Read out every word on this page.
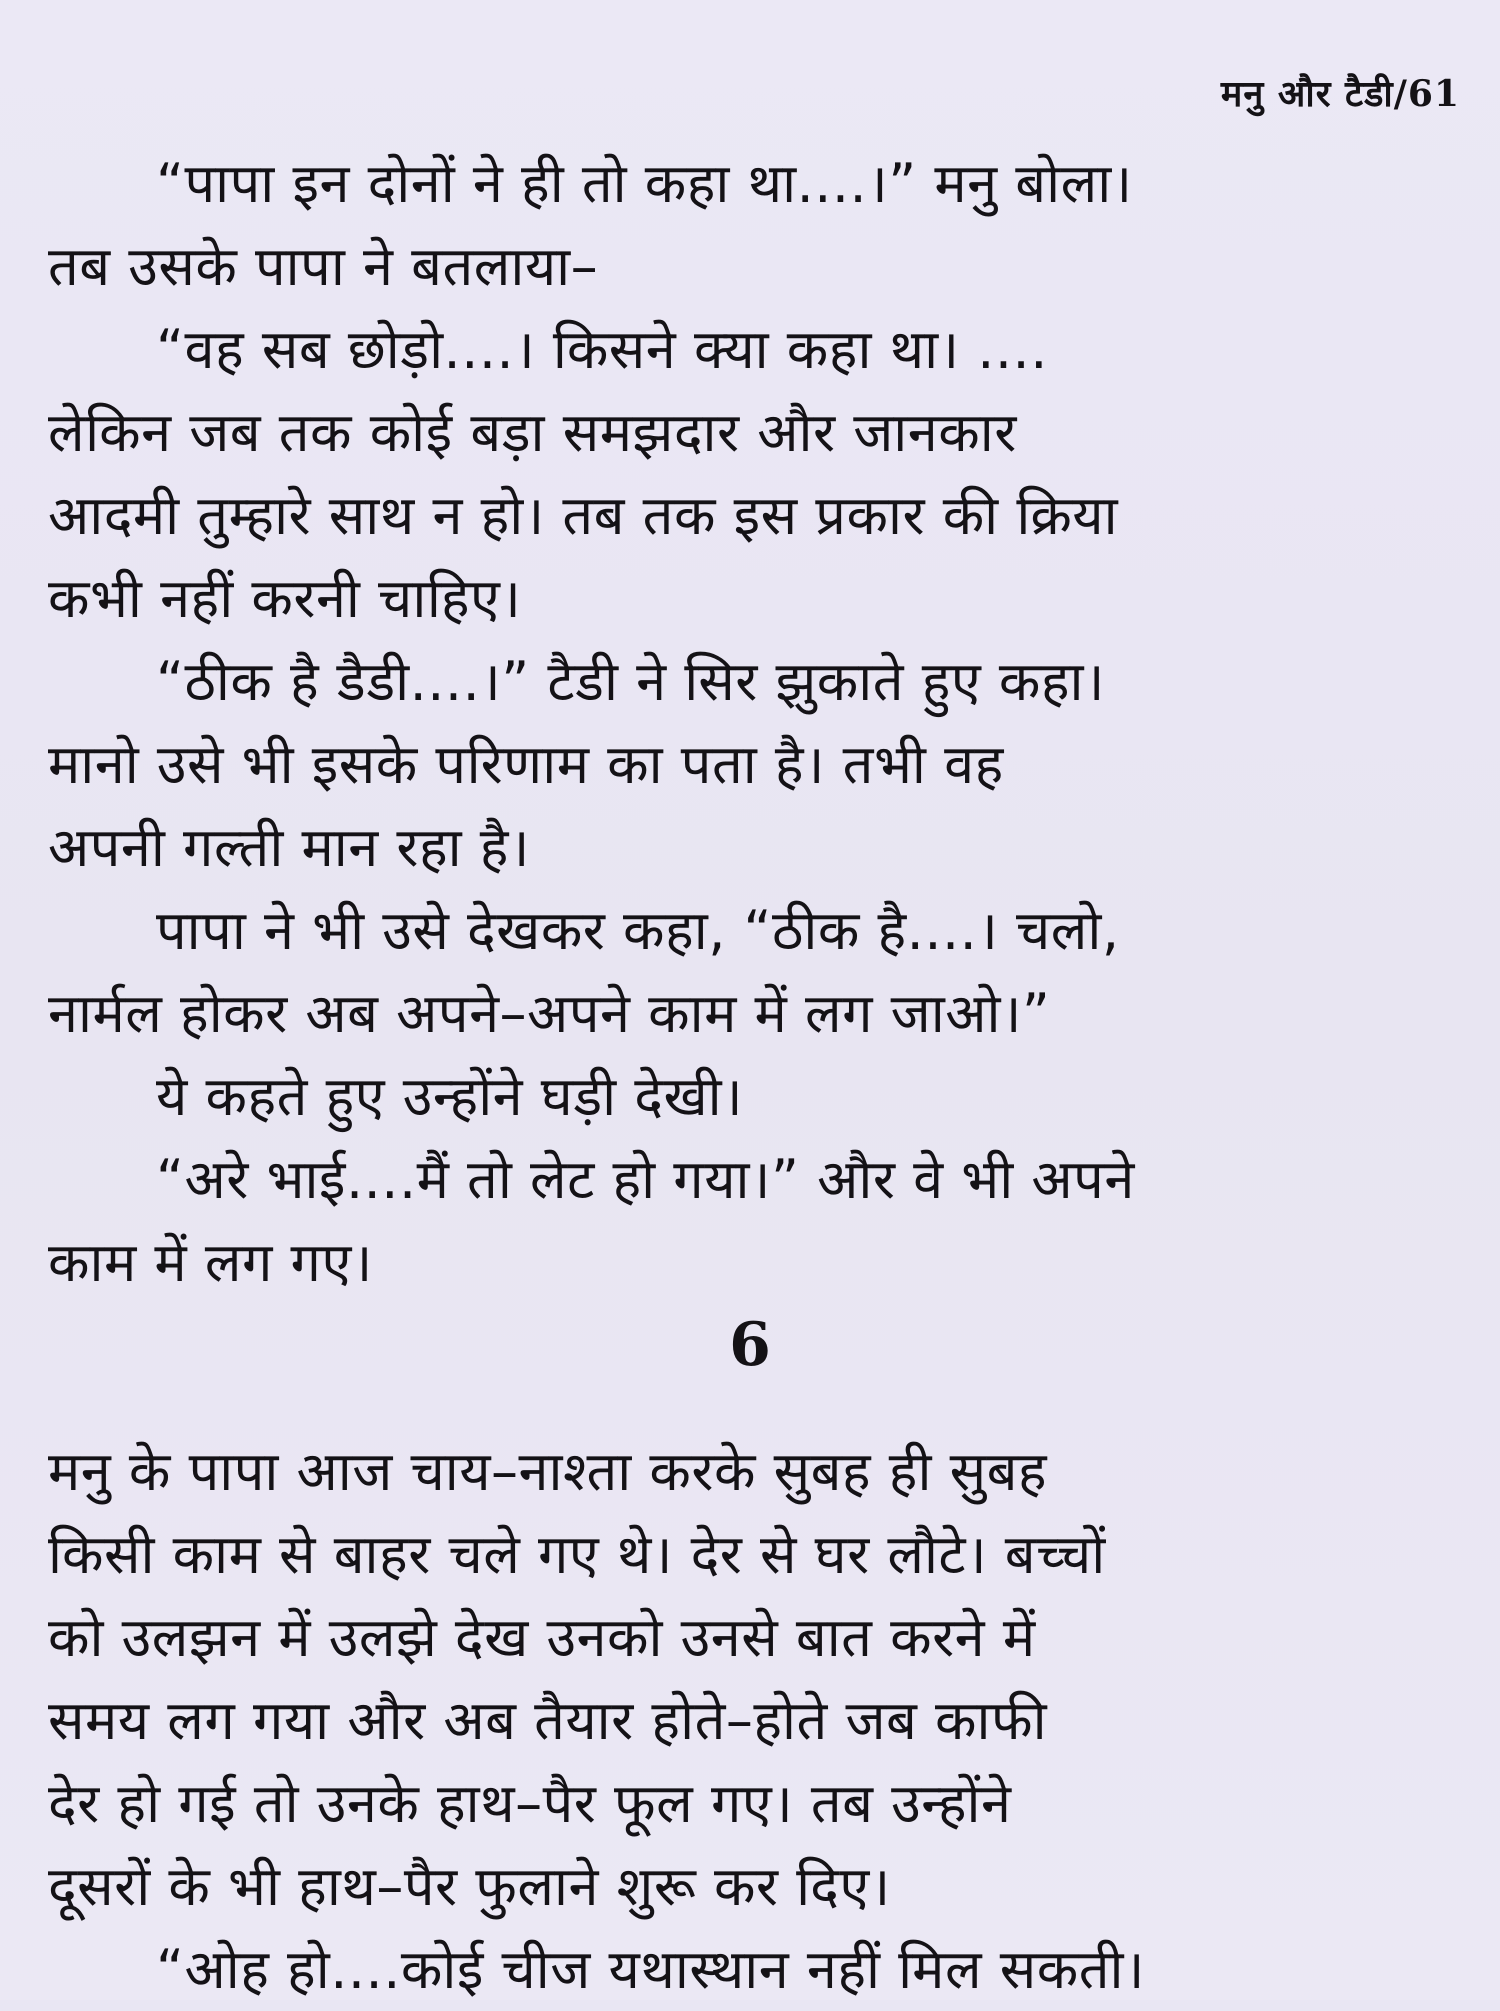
मनु और टैडी/61
“पापा इन दोनों ने ही तो कहा था....।” मनु बोला।
तब उसके पापा ने बतलाया–
“वह सब छोड़ो....। किसने क्या कहा था। ....
लेकिन जब तक कोई बड़ा समझदार और जानकार
आदमी तुम्हारे साथ न हो। तब तक इस प्रकार की क्रिया
कभी नहीं करनी चाहिए।
“ठीक है डैडी....।” टैडी ने सिर झुकाते हुए कहा।
मानो उसे भी इसके परिणाम का पता है। तभी वह
अपनी गल्ती मान रहा है।
पापा ने भी उसे देखकर कहा, “ठीक है....। चलो,
नार्मल होकर अब अपने–अपने काम में लग जाओ।”
ये कहते हुए उन्होंने घड़ी देखी।
“अरे भाई....मैं तो लेट हो गया।” और वे भी अपने
काम में लग गए।
6
मनु के पापा आज चाय–नाश्ता करके सुबह ही सुबह
किसी काम से बाहर चले गए थे। देर से घर लौटे। बच्चों
को उलझन में उलझे देख उनको उनसे बात करने में
समय लग गया और अब तैयार होते–होते जब काफी
देर हो गई तो उनके हाथ–पैर फूल गए। तब उन्होंने
दूसरों के भी हाथ–पैर फुलाने शुरू कर दिए।
“ओह हो....कोई चीज यथास्थान नहीं मिल सकती।
